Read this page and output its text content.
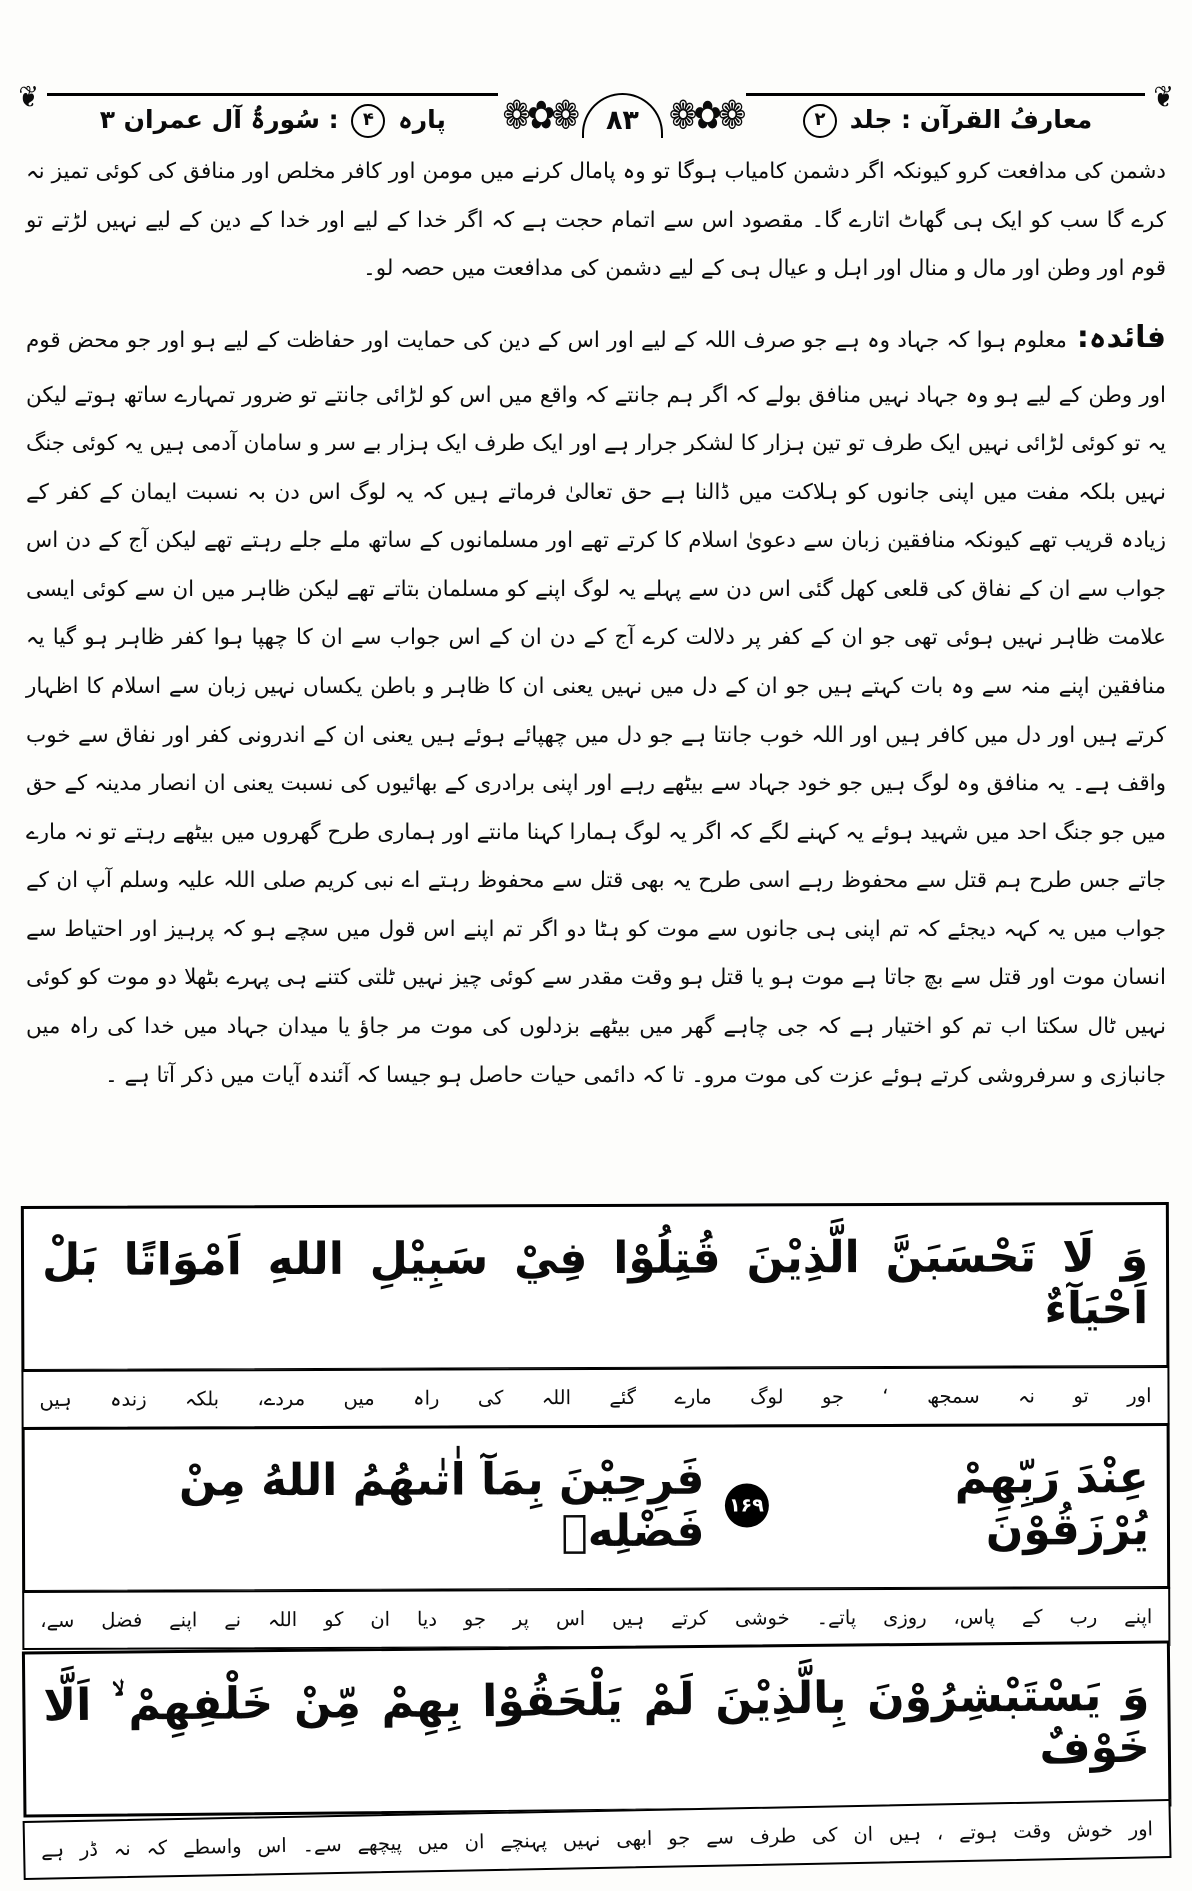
❦
معارفُ القرآن : جلد ۲
❁✿❁
۸۳
❁✿❁
پارہ ۴ : سُورۃُ آل عمران ۳
❦

دشمن کی مدافعت کرو کیونکہ اگر دشمن کامیاب ہوگا تو وہ پامال کرنے میں مومن اور کافر مخلص اور منافق کی کوئی تمیز نہ کرے گا سب کو ایک ہی گھاٹ اتارے گا۔ مقصود اس سے اتمام حجت ہے کہ اگر خدا کے لیے اور خدا کے دین کے لیے نہیں لڑتے تو قوم اور وطن اور مال و منال اور اہل و عیال ہی کے لیے دشمن کی مدافعت میں حصہ لو۔

فائدہ:معلوم ہوا کہ جہاد وہ ہے جو صرف اللہ کے لیے اور اس کے دین کی حمایت اور حفاظت کے لیے ہو اور جو محض قوم اور وطن کے لیے ہو وہ جہاد نہیں منافق بولے کہ اگر ہم جانتے کہ واقع میں اس کو لڑائی جانتے تو ضرور تمہارے ساتھ ہوتے لیکن یہ تو کوئی لڑائی نہیں ایک طرف تو تین ہزار کا لشکر جرار ہے اور ایک طرف ایک ہزار بے سر و سامان آدمی ہیں یہ کوئی جنگ نہیں بلکہ مفت میں اپنی جانوں کو ہلاکت میں ڈالنا ہے حق تعالیٰ فرماتے ہیں کہ یہ لوگ اس دن بہ نسبت ایمان کے کفر کے زیادہ قریب تھے کیونکہ منافقین زبان سے دعویٰ اسلام کا کرتے تھے اور مسلمانوں کے ساتھ ملے جلے رہتے تھے لیکن آج کے دن اس جواب سے ان کے نفاق کی قلعی کھل گئی اس دن سے پہلے یہ لوگ اپنے کو مسلمان بتاتے تھے لیکن ظاہر میں ان سے کوئی ایسی علامت ظاہر نہیں ہوئی تھی جو ان کے کفر پر دلالت کرے آج کے دن ان کے اس جواب سے ان کا چھپا ہوا کفر ظاہر ہو گیا یہ منافقین اپنے منہ سے وہ بات کہتے ہیں جو ان کے دل میں نہیں یعنی ان کا ظاہر و باطن یکساں نہیں زبان سے اسلام کا اظہار کرتے ہیں اور دل میں کافر ہیں اور اللہ خوب جانتا ہے جو دل میں چھپائے ہوئے ہیں یعنی ان کے اندرونی کفر اور نفاق سے خوب واقف ہے۔ یہ منافق وہ لوگ ہیں جو خود جہاد سے بیٹھے رہے اور اپنی برادری کے بھائیوں کی نسبت یعنی ان انصار مدینہ کے حق میں جو جنگ احد میں شہید ہوئے یہ کہنے لگے کہ اگر یہ لوگ ہمارا کہنا مانتے اور ہماری طرح گھروں میں بیٹھے رہتے تو نہ مارے جاتے جس طرح ہم قتل سے محفوظ رہے اسی طرح یہ بھی قتل سے محفوظ رہتے اے نبی کریم صلی اللہ علیہ وسلم آپ ان کے جواب میں یہ کہہ دیجئے کہ تم اپنی ہی جانوں سے موت کو ہٹا دو اگر تم اپنے اس قول میں سچے ہو کہ پرہیز اور احتیاط سے انسان موت اور قتل سے بچ جاتا ہے موت ہو یا قتل ہو وقت مقدر سے کوئی چیز نہیں ٹلتی کتنے ہی پہرے بٹھلا دو موت کو کوئی نہیں ٹال سکتا اب تم کو اختیار ہے کہ جی چاہے گھر میں بیٹھے بزدلوں کی موت مر جاؤ یا میدان جہاد میں خدا کی راہ میں جانبازی و سرفروشی کرتے ہوئے عزت کی موت مرو۔ تا کہ دائمی حیات حاصل ہو جیسا کہ آئندہ آیات میں ذکر آتا ہے ۔

وَ لَا تَحْسَبَنَّ الَّذِيْنَ قُتِلُوْا فِيْ سَبِيْلِ اللهِ اَمْوَاتًا بَلْ اَحْيَآءٌ
اور تو نہ سمجھ ‘ جو لوگ مارے گئے اللہ کی راہ میں مردے، بلکہ زندہ ہیں
عِنْدَ رَبِّهِمْ يُرْزَقُوْنَ
۱۶۹
فَرِحِيْنَ بِمَآ اٰتٰىهُمُ اللهُ مِنْ فَضْلِهٖ
اپنے رب کے پاس، روزی پاتے۔ خوشی کرتے ہیں اس پر جو دیا ان کو اللہ نے اپنے فضل سے،
وَ يَسْتَبْشِرُوْنَ بِالَّذِيْنَ لَمْ يَلْحَقُوْا بِهِمْ مِّنْ خَلْفِهِمْ ۙ اَلَّا خَوْفٌ
اور خوش وقت ہوتے ، ہیں ان کی طرف سے جو ابھی نہیں پہنچے ان میں پیچھے سے۔ اس واسطے کہ نہ ڈر ہے
